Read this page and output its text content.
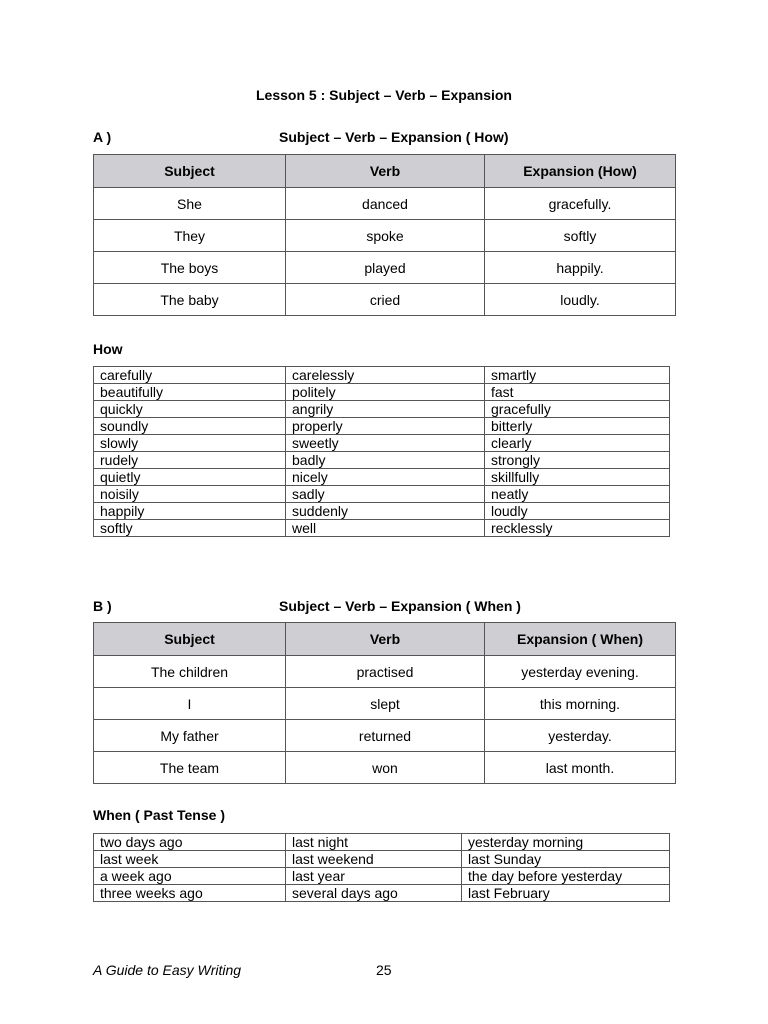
Lesson 5 : Subject – Verb – Expansion
A )	Subject – Verb – Expansion ( How)
Subject	Verb	Expansion (How)
She	danced	gracefully.
They	spoke	softly
The boys	played	happily.
The baby	cried	loudly.
How
carefully	carelessly	smartly
beautifully	politely	fast
quickly	angrily	gracefully
soundly	properly	bitterly
slowly	sweetly	clearly
rudely	badly	strongly
quietly	nicely	skillfully
noisily	sadly	neatly
happily	suddenly	loudly
softly	well	recklessly
B )	Subject – Verb – Expansion ( When )
Subject	Verb	Expansion ( When)
The children	practised	yesterday evening.
I	slept	this morning.
My father	returned	yesterday.
The team	won	last month.
When ( Past Tense )
two days ago	last night	yesterday morning
last week	last weekend	last Sunday
a week ago	last year	the day before yesterday
three weeks ago	several days ago	last February
A Guide to Easy Writing	25
